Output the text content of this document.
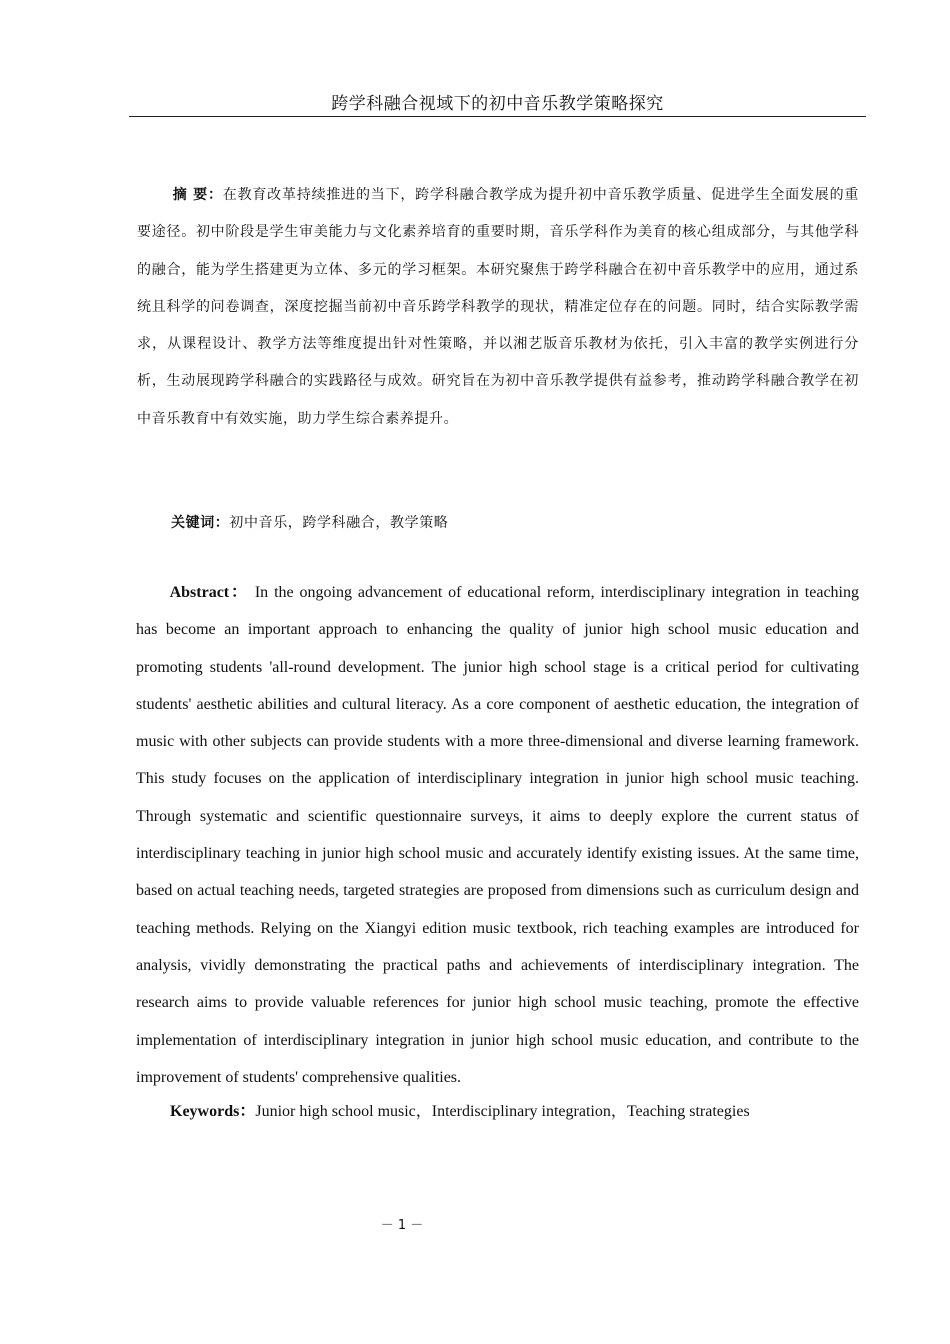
跨学科融合视域下的初中音乐教学策略探究

摘 要：在教育改革持续推进的当下，跨学科融合教学成为提升初中音乐教学质量、促进学生全面发展的重要途径。初中阶段是学生审美能力与文化素养培育的重要时期，音乐学科作为美育的核心组成部分，与其他学科的融合，能为学生搭建更为立体、多元的学习框架。本研究聚焦于跨学科融合在初中音乐教学中的应用，通过系统且科学的问卷调查，深度挖掘当前初中音乐跨学科教学的现状，精准定位存在的问题。同时，结合实际教学需求，从课程设计、教学方法等维度提出针对性策略，并以湘艺版音乐教材为依托，引入丰富的教学实例进行分析，生动展现跨学科融合的实践路径与成效。研究旨在为初中音乐教学提供有益参考，推动跨学科融合教学在初中音乐教育中有效实施，助力学生综合素养提升。

关键词：初中音乐，跨学科融合，教学策略

Abstract： In the ongoing advancement of educational reform, interdisciplinary integration in teaching has become an important approach to enhancing the quality of junior high school music education and promoting students 'all-round development. The junior high school stage is a critical period for cultivating students' aesthetic abilities and cultural literacy. As a core component of aesthetic education, the integration of music with other subjects can provide students with a more three-dimensional and diverse learning framework. This study focuses on the application of interdisciplinary integration in junior high school music teaching. Through systematic and scientific questionnaire surveys, it aims to deeply explore the current status of interdisciplinary teaching in junior high school music and accurately identify existing issues. At the same time, based on actual teaching needs, targeted strategies are proposed from dimensions such as curriculum design and teaching methods. Relying on the Xiangyi edition music textbook, rich teaching examples are introduced for analysis, vividly demonstrating the practical paths and achievements of interdisciplinary integration. The research aims to provide valuable references for junior high school music teaching, promote the effective implementation of interdisciplinary integration in junior high school music education, and contribute to the improvement of students' comprehensive qualities.

Keywords：Junior high school music，Interdisciplinary integration，Teaching strategies

－ 1 －
